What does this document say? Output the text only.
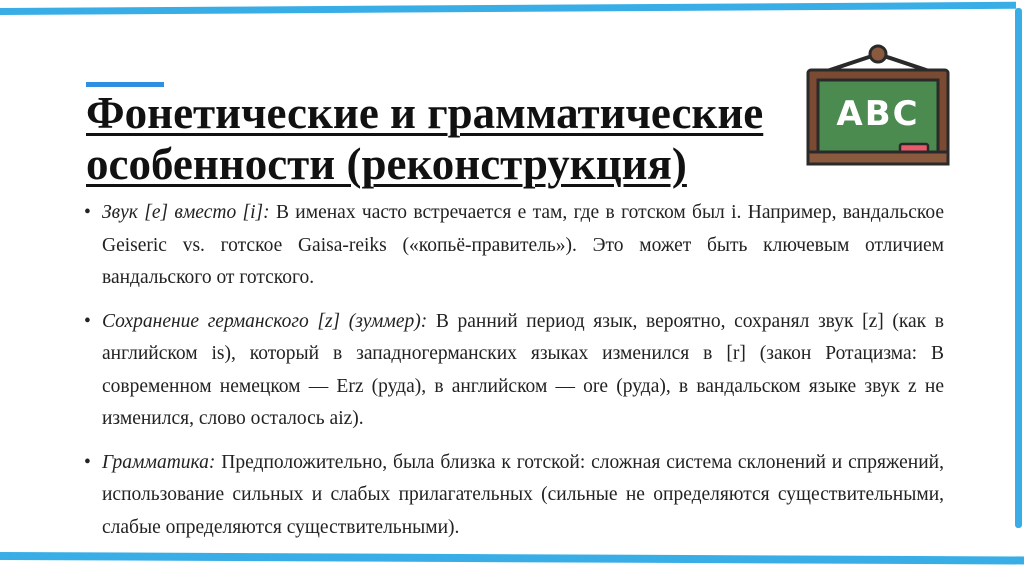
Фонетические и грамматические
особенности (реконструкция)
ABC
• Звук [e] вместо [i]: В именах часто встречается e там, где в готском был i. Например, вандальское Geiseric vs. готское Gaisa-reiks («копьё-правитель»). Это может быть ключевым отличием вандальского от готского.
• Сохранение германского [z] (зуммер): В ранний период язык, вероятно, сохранял звук [z] (как в английском is), который в западногерманских языках изменился в [r] (закон Ротацизма: В современном немецком — Erz (руда), в английском — ore (руда), в вандальском языке звук z не изменился, слово осталось aiz).
• Грамматика: Предположительно, была близка к готской: сложная система склонений и спряжений, использование сильных и слабых прилагательных (сильные не определяются существительными, слабые определяются существительными).
